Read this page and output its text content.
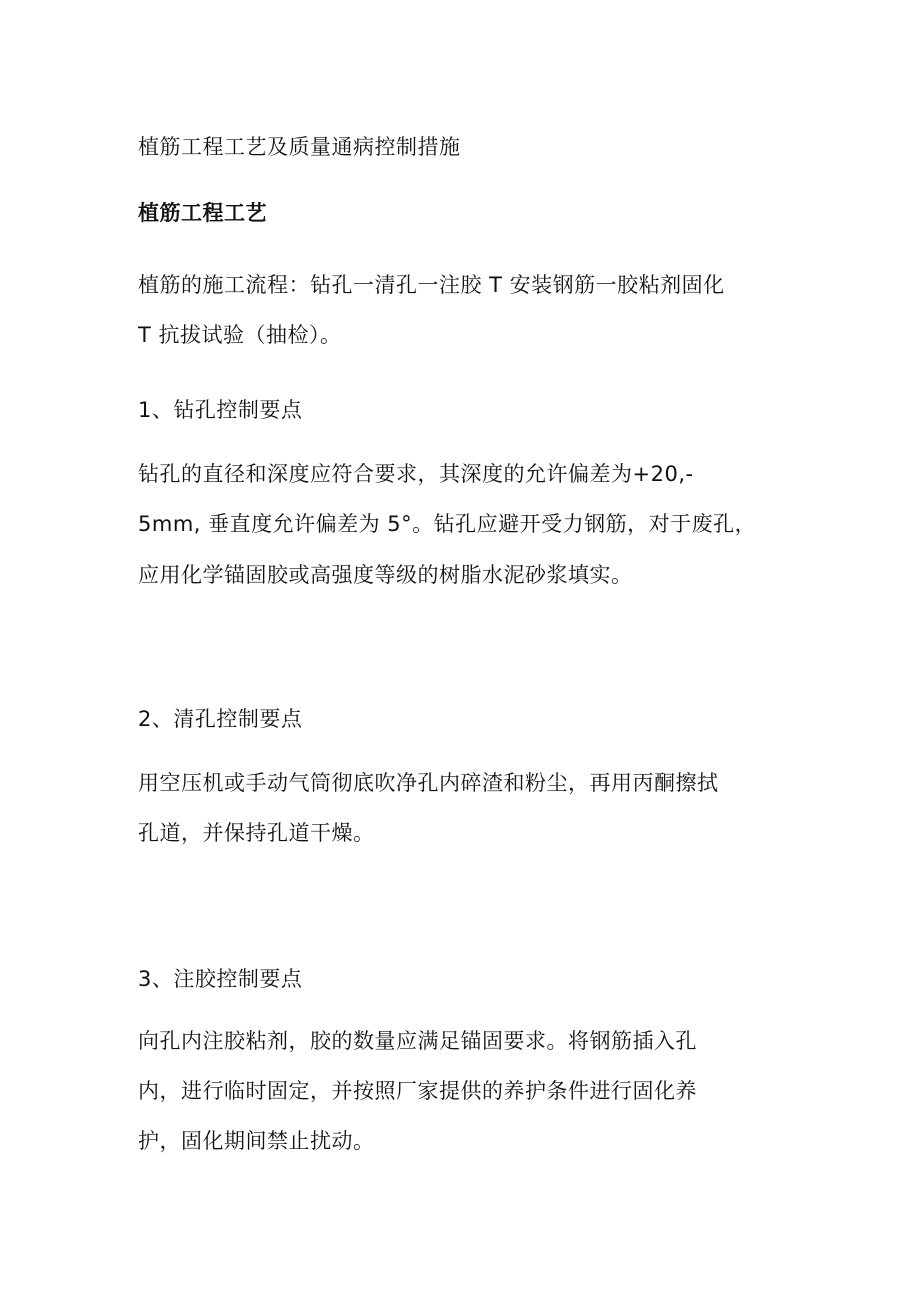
植筋工程工艺及质量通病控制措施
植筋工程工艺
植筋的施工流程：钻孔一清孔一注胶 T 安装钢筋一胶粘剂固化
T 抗拔试验（抽检）。
1、钻孔控制要点
钻孔的直径和深度应符合要求，其深度的允许偏差为+20,-
5mm, 垂直度允许偏差为 5°。钻孔应避开受力钢筋，对于废孔，
应用化学锚固胶或高强度等级的树脂水泥砂浆填实。
2、清孔控制要点
用空压机或手动气筒彻底吹净孔内碎渣和粉尘，再用丙酮擦拭
孔道，并保持孔道干燥。
3、注胶控制要点
向孔内注胶粘剂，胶的数量应满足锚固要求。将钢筋插入孔
内，进行临时固定，并按照厂家提供的养护条件进行固化养
护，固化期间禁止扰动。
